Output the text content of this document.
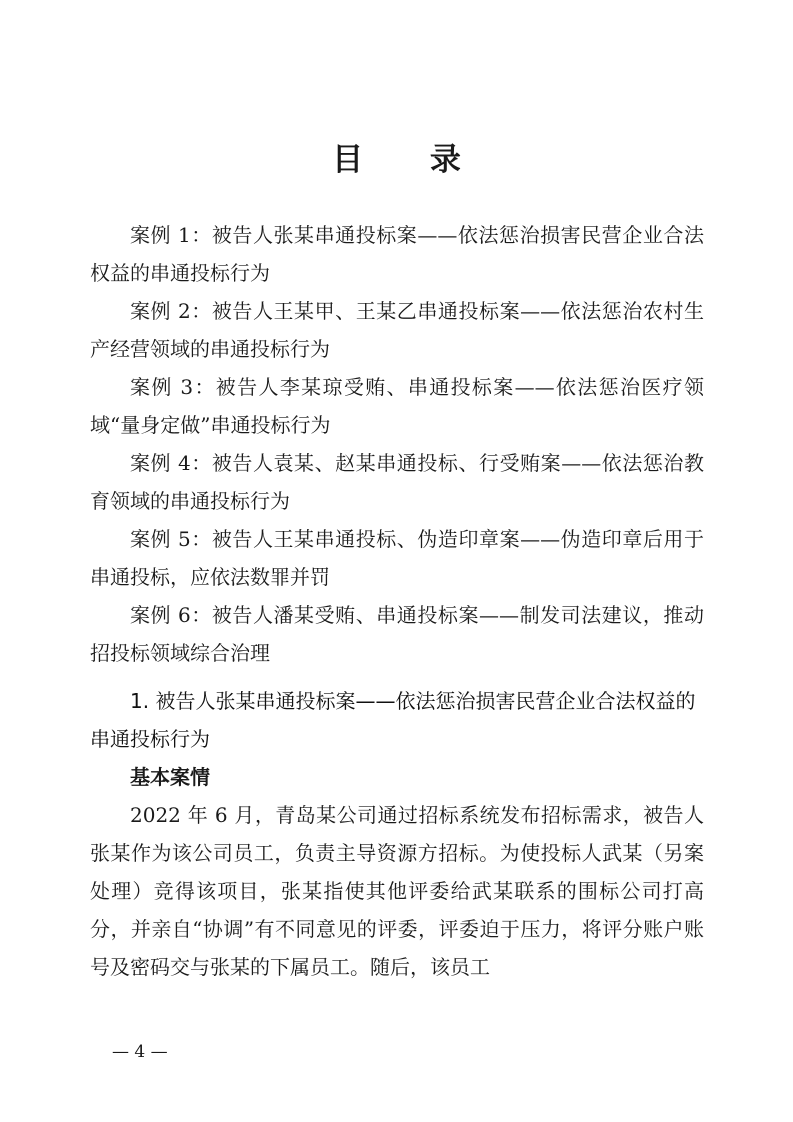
目 录

案例 1：被告人张某串通投标案——依法惩治损害民营企业合法权益的串通投标行为

案例 2：被告人王某甲、王某乙串通投标案——依法惩治农村生产经营领域的串通投标行为

案例 3：被告人李某琼受贿、串通投标案——依法惩治医疗领域“量身定做”串通投标行为

案例 4：被告人袁某、赵某串通投标、行受贿案——依法惩治教育领域的串通投标行为

案例 5：被告人王某串通投标、伪造印章案——伪造印章后用于串通投标，应依法数罪并罚

案例 6：被告人潘某受贿、串通投标案——制发司法建议，推动招投标领域综合治理

1. 被告人张某串通投标案——依法惩治损害民营企业合法权益的串通投标行为

基本案情

2022 年 6 月，青岛某公司通过招标系统发布招标需求，被告人张某作为该公司员工，负责主导资源方招标。为使投标人武某（另案处理）竞得该项目，张某指使其他评委给武某联系的围标公司打高分，并亲自“协调”有不同意见的评委，评委迫于压力，将评分账户账号及密码交与张某的下属员工。随后，该员工

— 4 —
